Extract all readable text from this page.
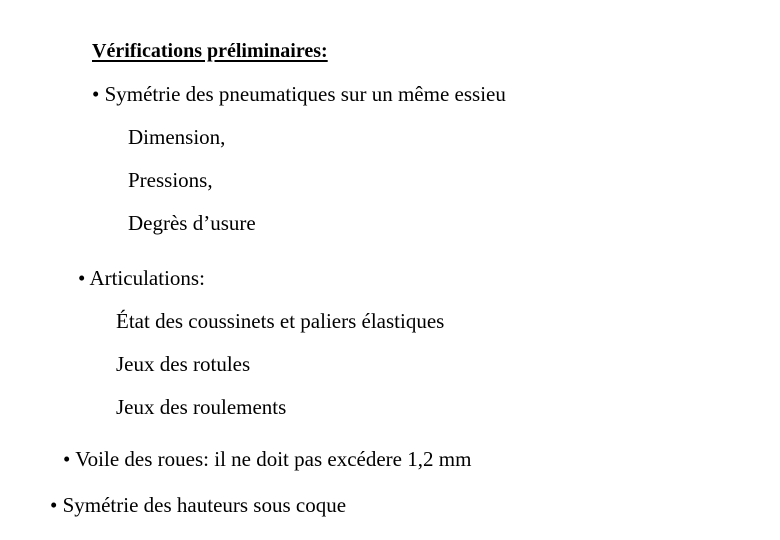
Vérifications préliminaires:
• Symétrie des pneumatiques sur un même essieu
Dimension,
Pressions,
Degrès d’usure
• Articulations:
État des coussinets et paliers élastiques
Jeux des rotules
Jeux des roulements
• Voile des roues: il ne doit pas excédere 1,2 mm
• Symétrie des hauteurs sous coque
